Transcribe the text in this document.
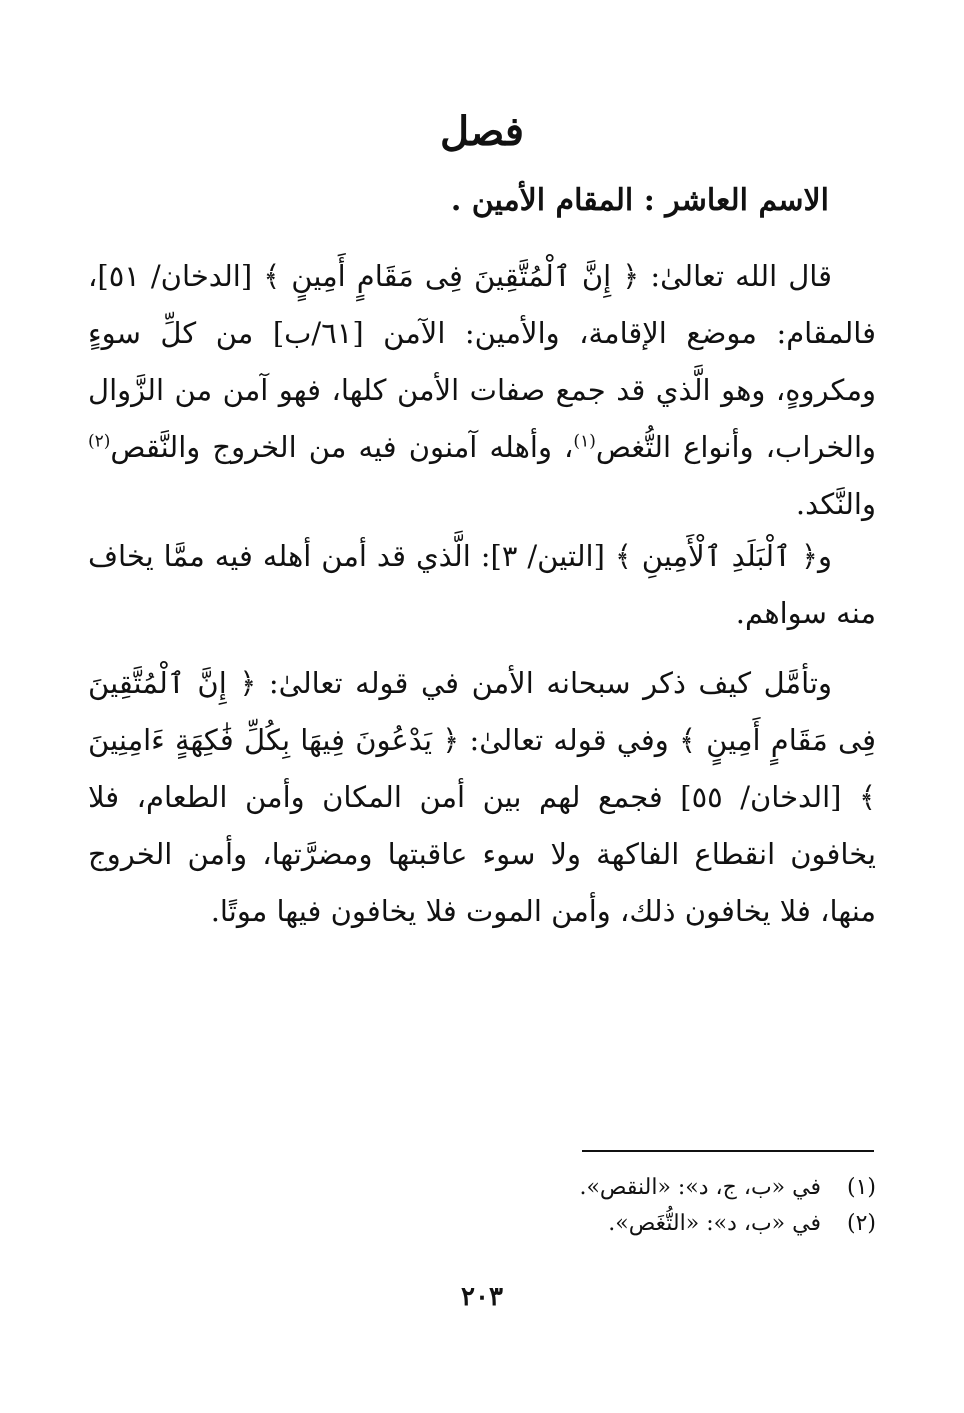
فصل
الاسم العاشر : المقام الأمين .
قال الله تعالىٰ: ﴿ إِنَّ ٱلْمُتَّقِينَ فِى مَقَامٍ أَمِينٍ ﴾ [الدخان/ ٥١]، فالمقام: موضع الإقامة، والأمين: الآمن [٦١/ب] من كلِّ سوءٍ ومكروهٍ، وهو الَّذي قد جمع صفات الأمن كلها، فهو آمن من الزَّوال والخراب، وأنواع التُّغص$^{(١)}$، وأهله آمنون فيه من الخروج والنَّقص$^{(٢)}$ والنَّكد.
و﴿ ٱلْبَلَدِ ٱلْأَمِينِ ﴾ [التين/ ٣]: الَّذي قد أمن أهله فيه ممَّا يخاف منه سواهم.
وتأمَّل كيف ذكر سبحانه الأمن في قوله تعالىٰ: ﴿ إِنَّ ٱلْمُتَّقِينَ فِى مَقَامٍ أَمِينٍ ﴾ وفي قوله تعالىٰ: ﴿ يَدْعُونَ فِيهَا بِكُلِّ فَٰكِهَةٍ ءَامِنِينَ ﴾ [الدخان/ ٥٥] فجمع لهم بين أمن المكان وأمن الطعام، فلا يخافون انقطاع الفاكهة ولا سوء عاقبتها ومضرَّتها، وأمن الخروج منها، فلا يخافون ذلك، وأمن الموت فلا يخافون فيها موتًا.
(١)
في «ب، ج، د»: «النقص».
(٢)
في «ب، د»: «التُّغَص».
٢٠٣
